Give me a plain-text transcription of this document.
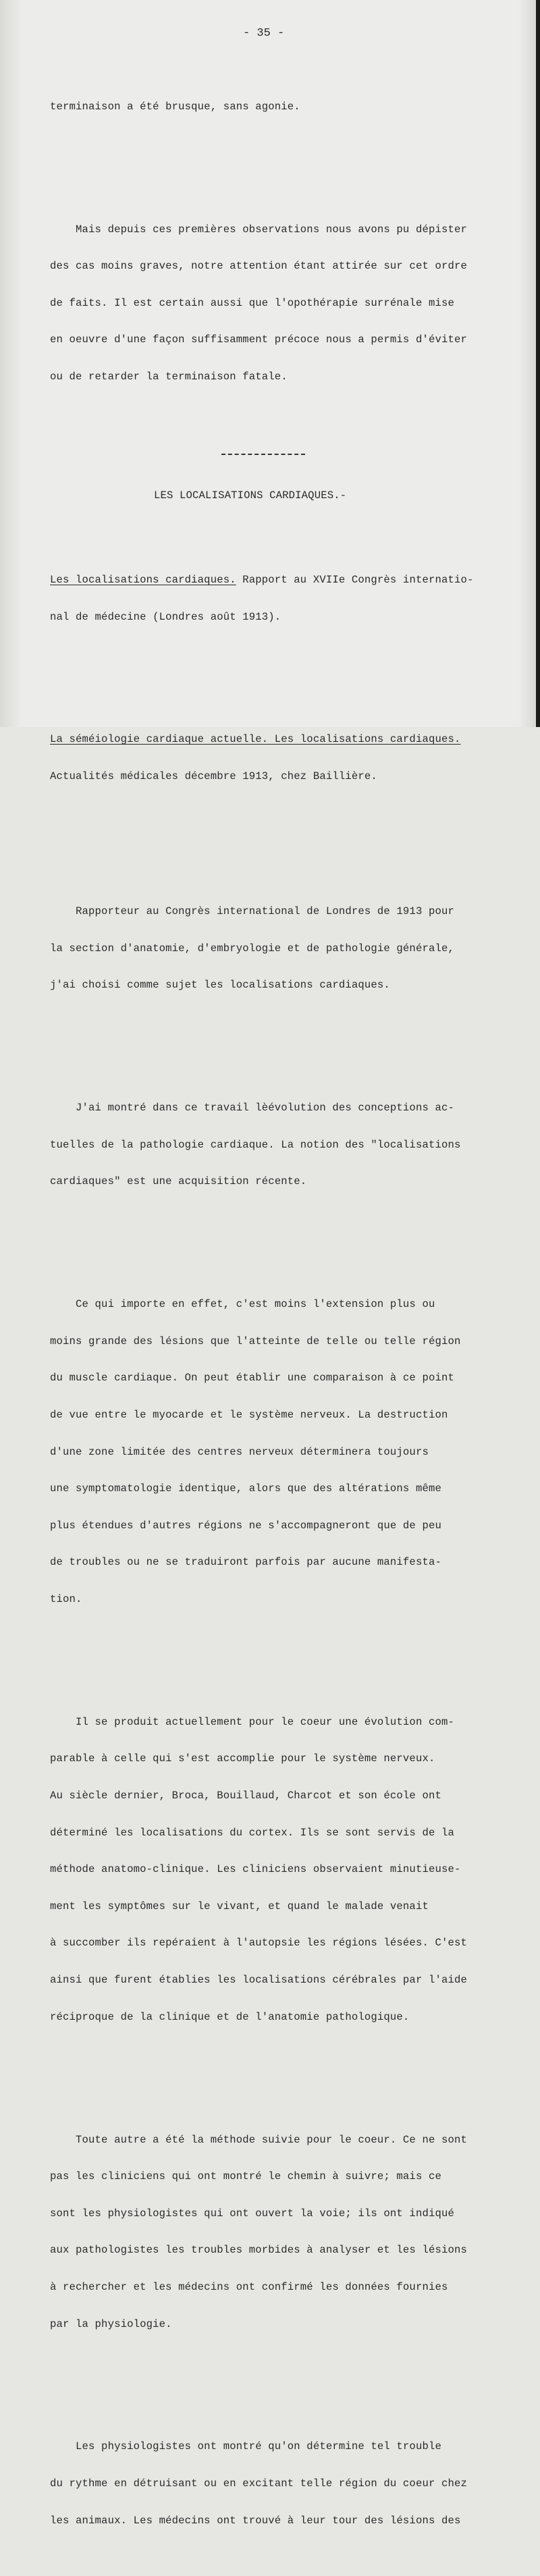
- 35 -

terminaison a été brusque, sans agonie.

Mais depuis ces premières observations nous avons pu dépister

des cas moins graves, notre attention étant attirée sur cet ordre

de faits. Il est certain aussi que l'opothérapie surrénale mise

en oeuvre d'une façon suffisamment précoce nous a permis d'éviter

ou de retarder la terminaison fatale.

LES LOCALISATIONS CARDIAQUES.-

Les localisations cardiaques. Rapport au XVIIe Congrès internatio-

nal de médecine (Londres août 1913).

La séméiologie cardiaque actuelle. Les localisations cardiaques.

Actualités médicales décembre 1913, chez Baillière.

Rapporteur au Congrès international de Londres de 1913 pour

la section d'anatomie, d'embryologie et de pathologie générale,

j'ai choisi comme sujet les localisations cardiaques.

J'ai montré dans ce travail lèévolution des conceptions ac-

tuelles de la pathologie cardiaque. La notion des "localisations

cardiaques" est une acquisition récente.

Ce qui importe en effet, c'est moins l'extension plus ou

moins grande des lésions que l'atteinte de telle ou telle région

du muscle cardiaque. On peut établir une comparaison à ce point

de vue entre le myocarde et le système nerveux. La destruction

d'une zone limitée des centres nerveux déterminera toujours

une symptomatologie identique, alors que des altérations même

plus étendues d'autres régions ne s'accompagneront que de peu

de troubles ou ne se traduiront parfois par aucune manifesta-

tion.

Il se produit actuellement pour le coeur une évolution com-

parable à celle qui s'est accomplie pour le système nerveux.

Au siècle dernier, Broca, Bouillaud, Charcot et son école ont

déterminé les localisations du cortex. Ils se sont servis de la

méthode anatomo-clinique. Les cliniciens observaient minutieuse-

ment les symptômes sur le vivant, et quand le malade venait

à succomber ils repéraient à l'autopsie les régions lésées. C'est

ainsi que furent établies les localisations cérébrales par l'aide

réciproque de la clinique et de l'anatomie pathologique.

Toute autre a été la méthode suivie pour le coeur. Ce ne sont

pas les cliniciens qui ont montré le chemin à suivre; mais ce

sont les physiologistes qui ont ouvert la voie; ils ont indiqué

aux pathologistes les troubles morbides à analyser et les lésions

à rechercher et les médecins ont confirmé les données fournies

par la physiologie.

Les physiologistes ont montré qu'on détermine tel trouble

du rythme en détruisant ou en excitant telle région du coeur chez

les animaux. Les médecins ont trouvé à leur tour des lésions des
